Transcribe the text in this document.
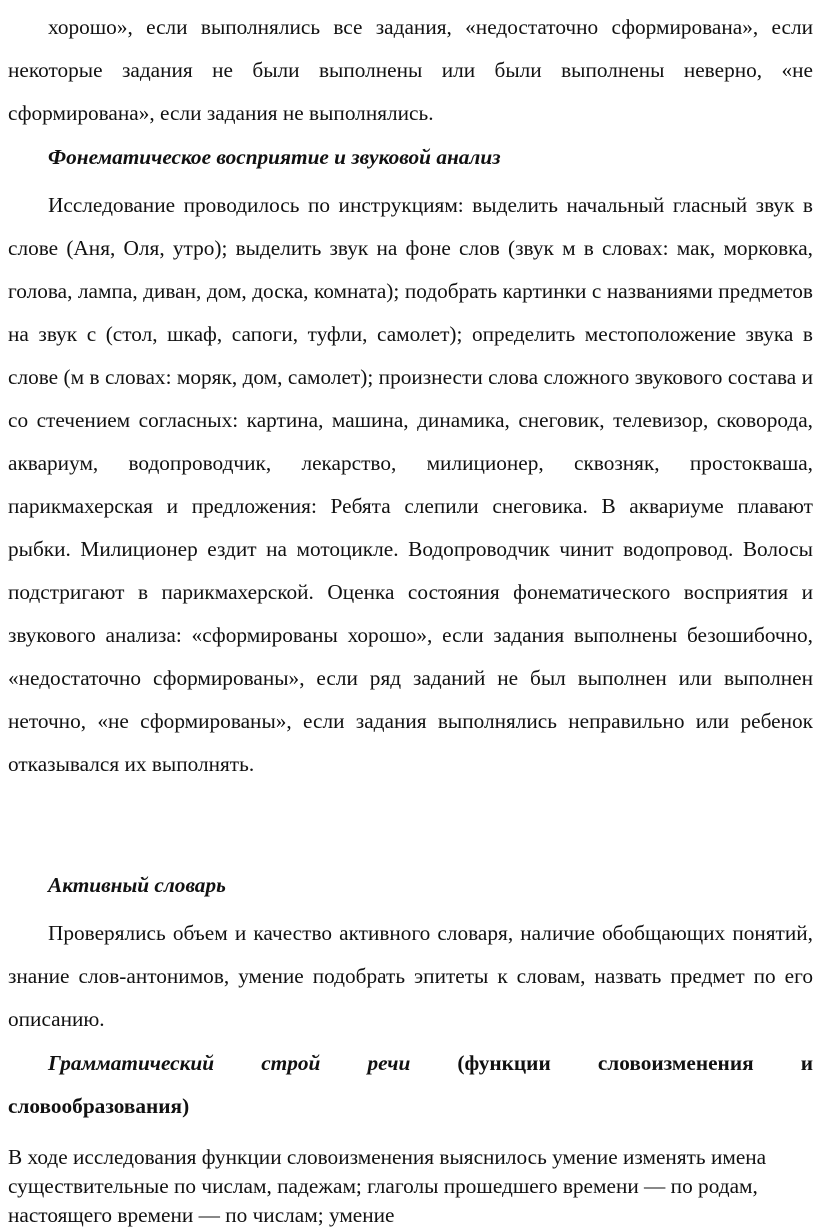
хорошо», если выполнялись все задания, «недостаточно сформирована», если некоторые задания не были выполнены или были выполнены неверно, «не сформирована», если задания не выполнялись.

Фонематическое восприятие и звуковой анализ

Исследование проводилось по инструкциям: выделить начальный гласный звук в слове (Аня, Оля, утро); выделить звук на фоне слов (звук м в словах: мак, морковка, голова, лампа, диван, дом, доска, комната); подобрать картинки с названиями предметов на звук с (стол, шкаф, сапоги, туфли, самолет); определить местоположение звука в слове (м в словах: моряк, дом, самолет); произнести слова сложного звукового состава и со стечением согласных: картина, машина, динамика, снеговик, телевизор, сковорода, аквариум, водопроводчик, лекарство, милиционер, сквозняк, простокваша, парикмахерская и предложения: Ребята слепили снеговика. В аквариуме плавают рыбки. Милиционер ездит на мотоцикле. Водопроводчик чинит водопровод. Волосы подстригают в парикмахерской. Оценка состояния фонематического восприятия и звукового анализа: «сформированы хорошо», если задания выполнены безошибочно, «недостаточно сформированы», если ряд заданий не был выполнен или выполнен неточно, «не сформированы», если задания выполнялись неправильно или ребенок отказывался их выполнять.

Активный словарь

Проверялись объем и качество активного словаря, наличие обобщающих понятий, знание слов-антонимов, умение подобрать эпитеты к словам, назвать предмет по его описанию.

Грамматический строй речи (функции словоизменения и
словообразования)

В ходе исследования функции словоизменения выяснилось умение изменять имена существительные по числам, падежам; глаголы прошедшего времени — по родам, настоящего времени — по числам; умение
